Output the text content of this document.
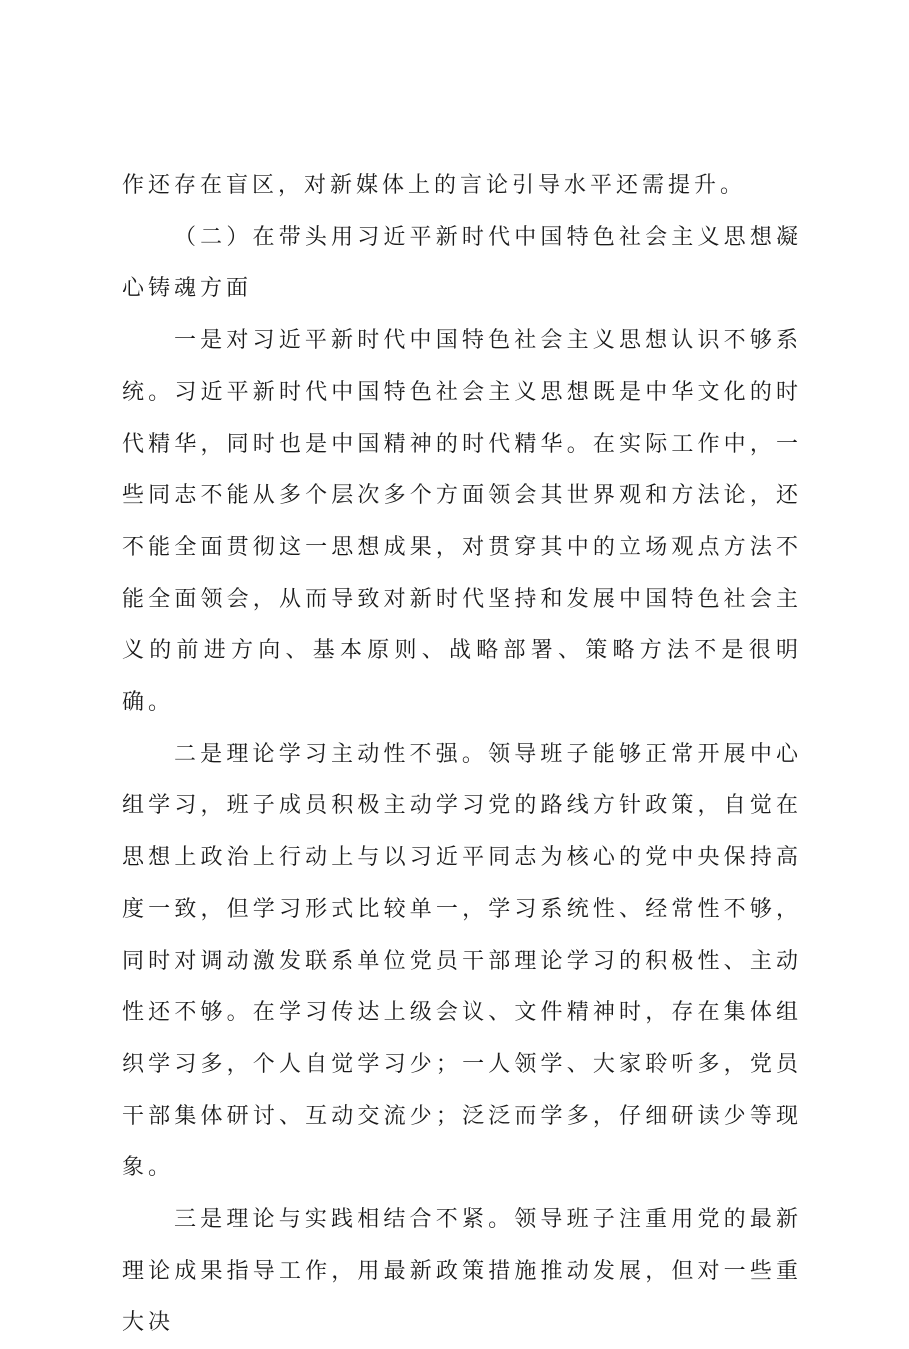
作还存在盲区，对新媒体上的言论引导水平还需提升。

（二）在带头用习近平新时代中国特色社会主义思想凝心铸魂方面

一是对习近平新时代中国特色社会主义思想认识不够系统。习近平新时代中国特色社会主义思想既是中华文化的时代精华，同时也是中国精神的时代精华。在实际工作中，一些同志不能从多个层次多个方面领会其世界观和方法论，还不能全面贯彻这一思想成果，对贯穿其中的立场观点方法不能全面领会，从而导致对新时代坚持和发展中国特色社会主义的前进方向、基本原则、战略部署、策略方法不是很明确。

二是理论学习主动性不强。领导班子能够正常开展中心组学习，班子成员积极主动学习党的路线方针政策，自觉在思想上政治上行动上与以习近平同志为核心的党中央保持高度一致，但学习形式比较单一，学习系统性、经常性不够，同时对调动激发联系单位党员干部理论学习的积极性、主动性还不够。在学习传达上级会议、文件精神时，存在集体组织学习多，个人自觉学习少；一人领学、大家聆听多，党员干部集体研讨、互动交流少；泛泛而学多，仔细研读少等现象。

三是理论与实践相结合不紧。领导班子注重用党的最新理论成果指导工作，用最新政策措施推动发展，但对一些重大决
